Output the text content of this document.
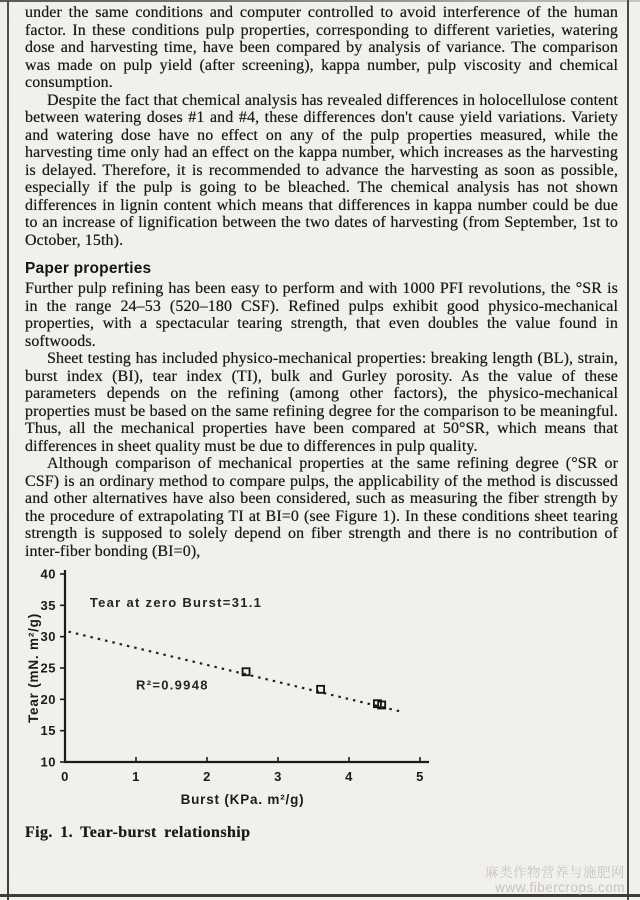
under the same conditions and computer controlled to avoid interference of the human factor. In these conditions pulp properties, corresponding to different varieties, watering dose and harvesting time, have been compared by analysis of variance. The comparison was made on pulp yield (after screening), kappa number, pulp viscosity and chemical consumption.

Despite the fact that chemical analysis has revealed differences in holocellulose content between watering doses #1 and #4, these differences don't cause yield variations. Variety and watering dose have no effect on any of the pulp properties measured, while the harvesting time only had an effect on the kappa number, which increases as the harvesting is delayed. Therefore, it is recommended to advance the harvesting as soon as possible, especially if the pulp is going to be bleached. The chemical analysis has not shown differences in lignin content which means that differences in kappa number could be due to an increase of lignification between the two dates of harvesting (from September, 1st to October, 15th).

Paper properties

Further pulp refining has been easy to perform and with 1000 PFI revolutions, the °SR is in the range 24–53 (520–180 CSF). Refined pulps exhibit good physico-mechanical properties, with a spectacular tearing strength, that even doubles the value found in softwoods.

Sheet testing has included physico-mechanical properties: breaking length (BL), strain, burst index (BI), tear index (TI), bulk and Gurley porosity. As the value of these parameters depends on the refining (among other factors), the physico-mechanical properties must be based on the same refining degree for the comparison to be meaningful. Thus, all the mechanical properties have been compared at 50°SR, which means that differences in sheet quality must be due to differences in pulp quality.

Although comparison of mechanical properties at the same refining degree (°SR or CSF) is an ordinary method to compare pulps, the applicability of the method is discussed and other alternatives have also been considered, such as measuring the fiber strength by the procedure of extrapolating TI at BI=0 (see Figure 1). In these conditions sheet tearing strength is supposed to solely depend on fiber strength and there is no contribution of inter-fiber bonding (BI=0),

10
15
20
25
30
35
40
0	1	2	3	4	5
Tear at zero Burst=31.1
R²=0.9948
Burst (KPa. m²/g)
Tear (mN. m²/g)
Fig. 1. Tear-burst relationship
麻类作物营养与施肥网
www.fibercrops.com
